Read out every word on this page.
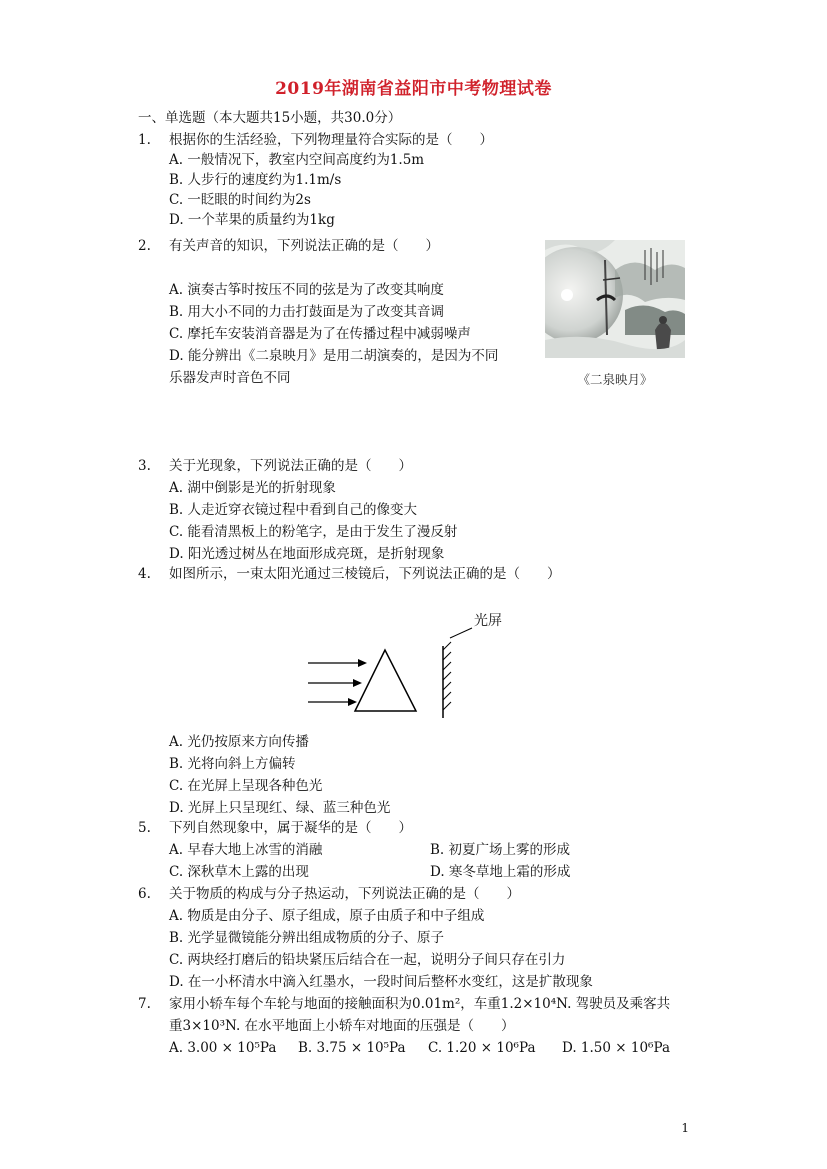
2019年湖南省益阳市中考物理试卷
一、单选题（本大题共15小题，共30.0分）
1. 根据你的生活经验，下列物理量符合实际的是（　　）
A. 一般情况下，教室内空间高度约为1.5m
B. 人步行的速度约为1.1m/s
C. 一眨眼的时间约为2s
D. 一个苹果的质量约为1kg
2. 有关声音的知识，下列说法正确的是（　　）
A. 演奏古筝时按压不同的弦是为了改变其响度
B. 用大小不同的力击打鼓面是为了改变其音调
C. 摩托车安装消音器是为了在传播过程中减弱噪声
D. 能分辨出《二泉映月》是用二胡演奏的，是因为不同
乐器发声时音色不同	《二泉映月》
3. 关于光现象，下列说法正确的是（　　）
A. 湖中倒影是光的折射现象
B. 人走近穿衣镜过程中看到自己的像变大
C. 能看清黑板上的粉笔字，是由于发生了漫反射
D. 阳光透过树丛在地面形成亮斑，是折射现象
4. 如图所示，一束太阳光通过三棱镜后，下列说法正确的是（　　）
光屏
A. 光仍按原来方向传播
B. 光将向斜上方偏转
C. 在光屏上呈现各种色光
D. 光屏上只呈现红、绿、蓝三种色光
5. 下列自然现象中，属于凝华的是（　　）
A. 早春大地上冰雪的消融	B. 初夏广场上雾的形成
C. 深秋草木上露的出现	D. 寒冬草地上霜的形成
6. 关于物质的构成与分子热运动，下列说法正确的是（　　）
A. 物质是由分子、原子组成，原子由质子和中子组成
B. 光学显微镜能分辨出组成物质的分子、原子
C. 两块经打磨后的铅块紧压后结合在一起，说明分子间只存在引力
D. 在一小杯清水中滴入红墨水，一段时间后整杯水变红，这是扩散现象
7. 家用小轿车每个车轮与地面的接触面积为0.01m²，车重1.2×10⁴N. 驾驶员及乘客共
重3×10³N. 在水平地面上小轿车对地面的压强是（　　）
A. 3.00 × 10⁵Pa B. 3.75 × 10⁵Pa C. 1.20 × 10⁶Pa D. 1.50 × 10⁶Pa
1
